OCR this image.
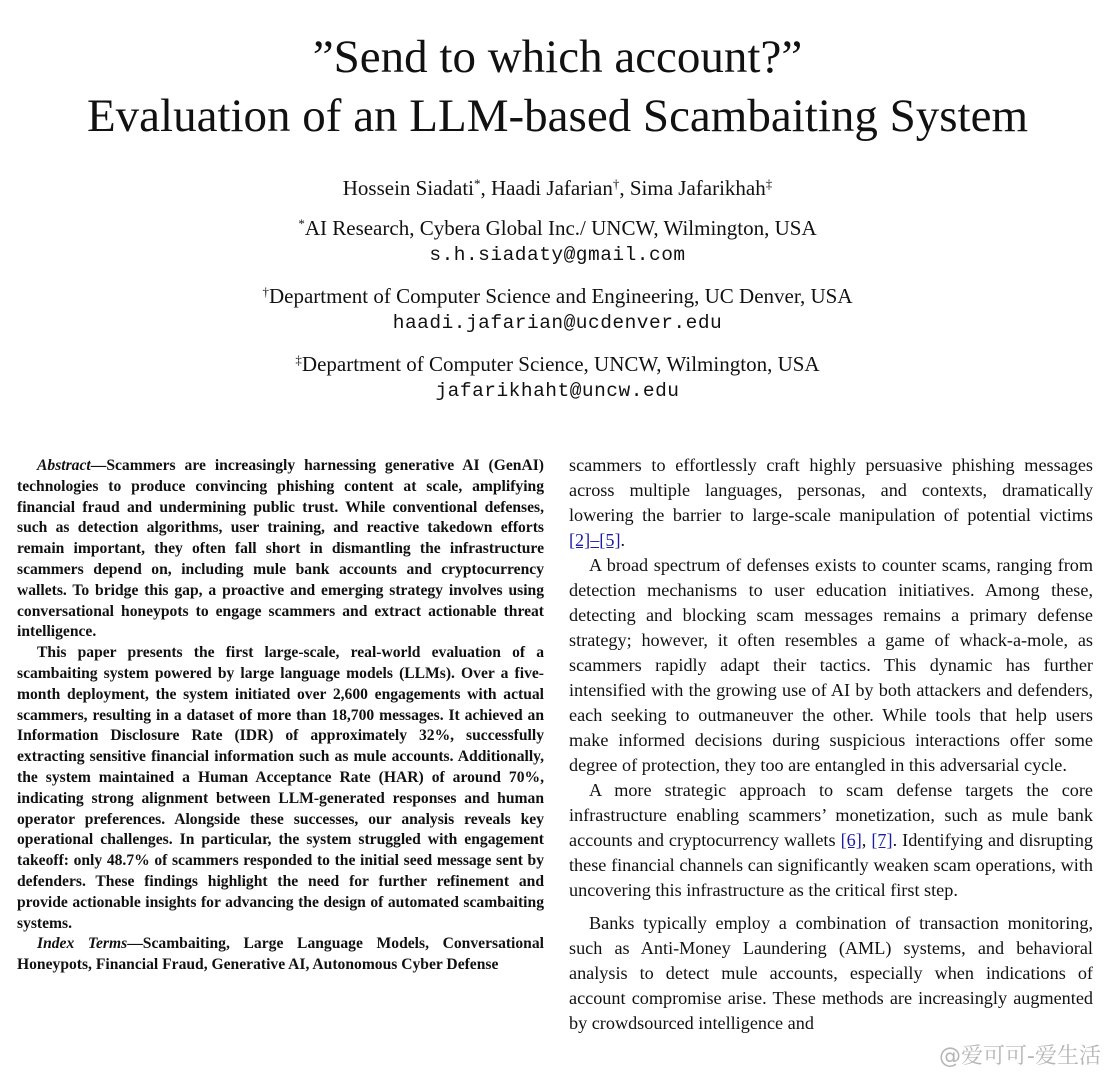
”Send to which account?”
Evaluation of an LLM-based Scambaiting System
Hossein Siadati*, Haadi Jafarian†, Sima Jafarikhah‡
*AI Research, Cybera Global Inc./ UNCW, Wilmington, USA
s.h.siadaty@gmail.com
†Department of Computer Science and Engineering, UC Denver, USA
haadi.jafarian@ucdenver.edu
‡Department of Computer Science, UNCW, Wilmington, USA
jafarikhaht@uncw.edu

Abstract—Scammers are increasingly harnessing generative AI (GenAI) technologies to produce convincing phishing content at scale, amplifying financial fraud and undermining public trust. While conventional defenses, such as detection algorithms, user training, and reactive takedown efforts remain important, they often fall short in dismantling the infrastructure scammers depend on, including mule bank accounts and cryptocurrency wallets. To bridge this gap, a proactive and emerging strategy involves using conversational honeypots to engage scammers and extract actionable threat intelligence.

This paper presents the first large-scale, real-world evaluation of a scambaiting system powered by large language models (LLMs). Over a five-month deployment, the system initiated over 2,600 engagements with actual scammers, resulting in a dataset of more than 18,700 messages. It achieved an Information Disclosure Rate (IDR) of approximately 32%, successfully extracting sensitive financial information such as mule accounts. Additionally, the system maintained a Human Acceptance Rate (HAR) of around 70%, indicating strong alignment between LLM-generated responses and human operator preferences. Alongside these successes, our analysis reveals key operational challenges. In particular, the system struggled with engagement takeoff: only 48.7% of scammers responded to the initial seed message sent by defenders. These findings highlight the need for further refinement and provide actionable insights for advancing the design of automated scambaiting systems.

Index Terms—Scambaiting, Large Language Models, Conversational Honeypots, Financial Fraud, Generative AI, Autonomous Cyber Defense

scammers to effortlessly craft highly persuasive phishing messages across multiple languages, personas, and contexts, dramatically lowering the barrier to large-scale manipulation of potential victims [2]–[5].

A broad spectrum of defenses exists to counter scams, ranging from detection mechanisms to user education initiatives. Among these, detecting and blocking scam messages remains a primary defense strategy; however, it often resembles a game of whack-a-mole, as scammers rapidly adapt their tactics. This dynamic has further intensified with the growing use of AI by both attackers and defenders, each seeking to outmaneuver the other. While tools that help users make informed decisions during suspicious interactions offer some degree of protection, they too are entangled in this adversarial cycle.

A more strategic approach to scam defense targets the core infrastructure enabling scammers’ monetization, such as mule bank accounts and cryptocurrency wallets [6], [7]. Identifying and disrupting these financial channels can significantly weaken scam operations, with uncovering this infrastructure as the critical first step.

Banks typically employ a combination of transaction monitoring, such as Anti-Money Laundering (AML) systems, and behavioral analysis to detect mule accounts, especially when indications of account compromise arise. These methods are increasingly augmented by crowdsourced intelligence and

@爱可可-爱生活
